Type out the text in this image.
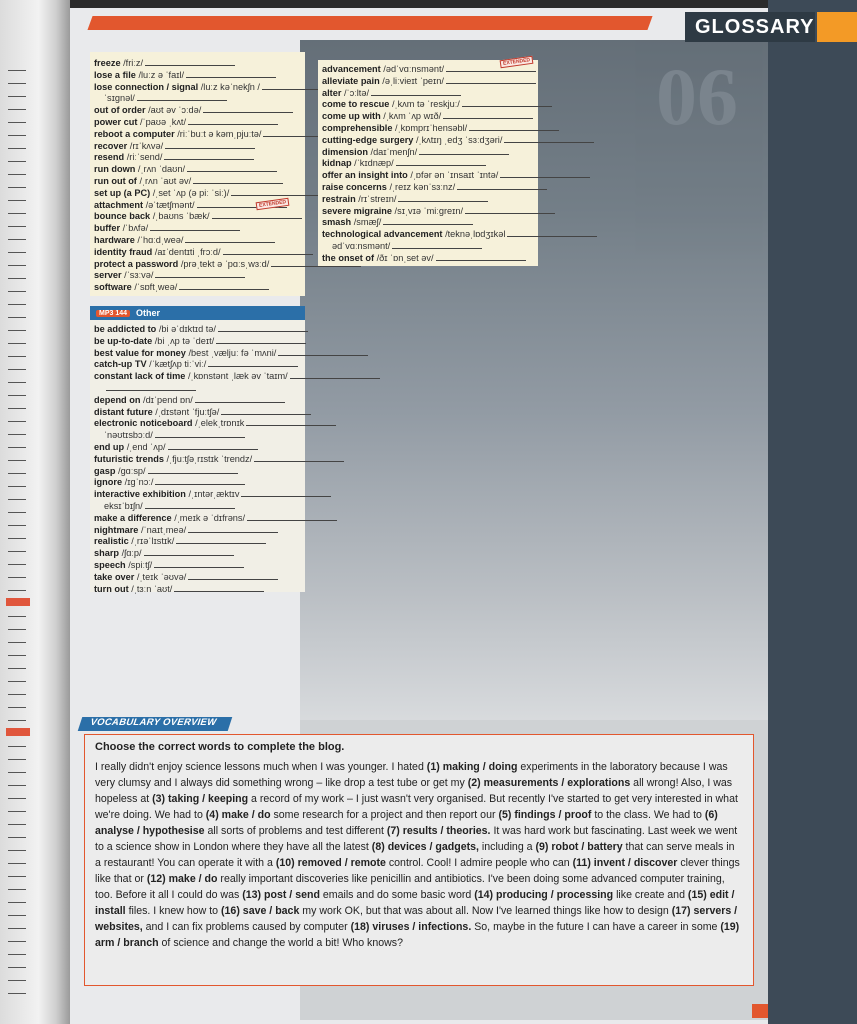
06
GLOSSARY
freeze /friːz/
lose a file /luːz ə ˈfaɪl/
lose connection / signal /luːz kəˈnekʃn /
ˈsɪgnəl/
out of order /aʊt əv ˈɔːdə/
power cut /ˈpaʊə ˌkʌt/
reboot a computer /riːˈbuːt ə kəmˌpjuːtə/
recover /rɪˈkʌvə/
resend /riːˈsend/
run down /ˌrʌn ˈdaʊn/
run out of /ˌrʌn ˈaʊt əv/
set up (a PC) /ˌset ˈʌp (ə piː ˈsiː)/
attachment /əˈtætʃmənt/
bounce back /ˌbaʊns ˈbæk/
buffer /ˈbʌfə/
hardware /ˈhɑːdˌweə/
identity fraud /aɪˈdentɪti ˌfrɔːd/
protect a password /prəˌtekt ə ˈpɑːsˌwɜːd/
server /ˈsɜːvə/
software /ˈsɒftˌweə/
advancement /ədˈvɑːnsmənt/
alleviate pain /əˌliːvieɪt ˈpeɪn/
alter /ˈɔːltə/
come to rescue /ˌkʌm tə ˈreskjuː/
come up with /ˌkʌm ˈʌp wɪð/
comprehensible /ˌkɒmprɪˈhensəbl/
cutting-edge surgery /ˌkʌtɪŋ ˌedʒ ˈsɜːdʒəri/
dimension /daɪˈmenʃn/
kidnap /ˈkɪdnæp/
offer an insight into /ˌɒfər ən ˈɪnsaɪt ˈɪntə/
raise concerns /ˌreɪz kənˈsɜːnz/
restrain /rɪˈstreɪn/
severe migraine /sɪˌvɪə ˈmiːgreɪn/
smash /smæʃ/
technological advancement /teknəˌlɒdʒɪkəl
ədˈvɑːnsmənt/
the onset of /ðɪ ˈɒnˌset əv/
MP3 144	Other
be addicted to /bi əˈdɪktɪd tə/
be up-to-date /bi ˌʌp tə ˈdeɪt/
best value for money /best ˌvæljuː fə ˈmʌni/
catch-up TV /ˈkætʃʌp tiːˈviː/
constant lack of time /ˌkɒnstənt ˌlæk əv ˈtaɪm/
depend on /dɪˈpend ɒn/
distant future /ˌdɪstənt ˈfjuːtʃə/
electronic noticeboard /ˌelekˌtrɒnɪk
ˈnəʊtɪsbɔːd/
end up /ˌend ˈʌp/
futuristic trends /ˌfjuːtʃəˌrɪstɪk ˈtrendz/
gasp /gɑːsp/
ignore /ɪgˈnɔː/
interactive exhibition /ˌɪntərˌæktɪv
eksɪˈbɪʃn/
make a difference /ˌmeɪk ə ˈdɪfrəns/
nightmare /ˈnaɪtˌmeə/
realistic /ˌrɪəˈlɪstɪk/
sharp /ʃɑːp/
speech /spiːtʃ/
take over /ˌteɪk ˈəʊvə/
turn out /ˌtɜːn ˈaʊt/
EXTENDED
EXTENDED
VOCABULARY OVERVIEW
Choose the correct words to complete the blog.
I really didn't enjoy science lessons much when I was younger. I hated (1) making / doing experiments in the laboratory because I was very clumsy and I always did something wrong – like drop a test tube or get my (2) measurements / explorations all wrong! Also, I was hopeless at (3) taking / keeping a record of my work – I just wasn't very organised. But recently I've started to get very interested in what we're doing. We had to (4) make / do some research for a project and then report our (5) findings / proof to the class. We had to (6) analyse / hypothesise all sorts of problems and test different (7) results / theories. It was hard work but fascinating. Last week we went to a science show in London where they have all the latest (8) devices / gadgets, including a (9) robot / battery that can serve meals in a restaurant! You can operate it with a (10) removed / remote control. Cool! I admire people who can (11) invent / discover clever things like that or (12) make / do really important discoveries like penicillin and antibiotics. I've been doing some advanced computer training, too. Before it all I could do was (13) post / send emails and do some basic word (14) producing / processing like create and (15) edit / install files. I knew how to (16) save / back my work OK, but that was about all. Now I've learned things like how to design (17) servers / websites, and I can fix problems caused by computer (18) viruses / infections. So, maybe in the future I can have a career in some (19) arm / branch of science and change the world a bit! Who knows?
